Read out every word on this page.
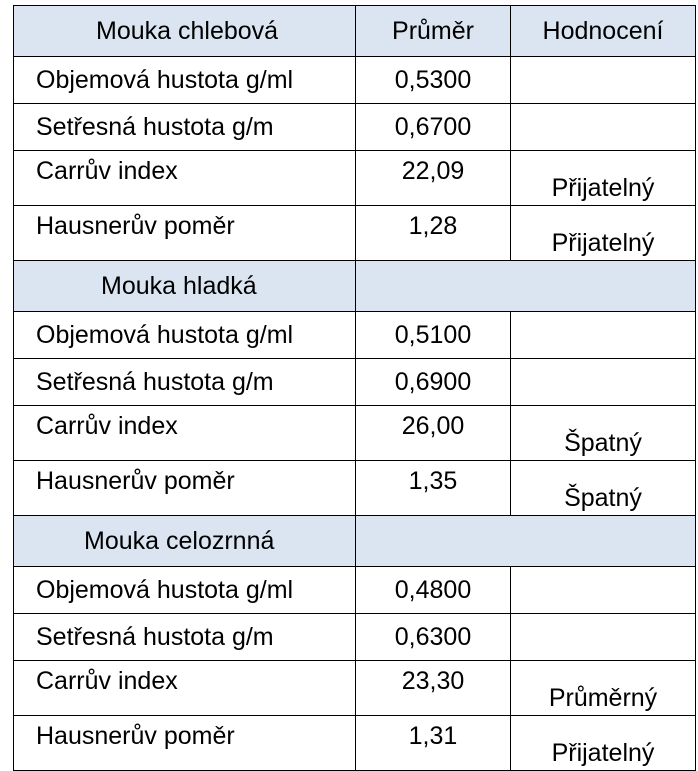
Mouka chlebová	Průměr	Hodnocení
Objemová hustota g/ml	0,5300	
Setřesná hustota g/m	0,6700	
Carrův index	22,09	Přijatelný
Hausnerův poměr	1,28	Přijatelný
Mouka hladká		
Objemová hustota g/ml	0,5100	
Setřesná hustota g/m	0,6900	
Carrův index	26,00	Špatný
Hausnerův poměr	1,35	Špatný
Mouka celozrnná		
Objemová hustota g/ml	0,4800	
Setřesná hustota g/m	0,6300	
Carrův index	23,30	Průměrný
Hausnerův poměr	1,31	Přijatelný
